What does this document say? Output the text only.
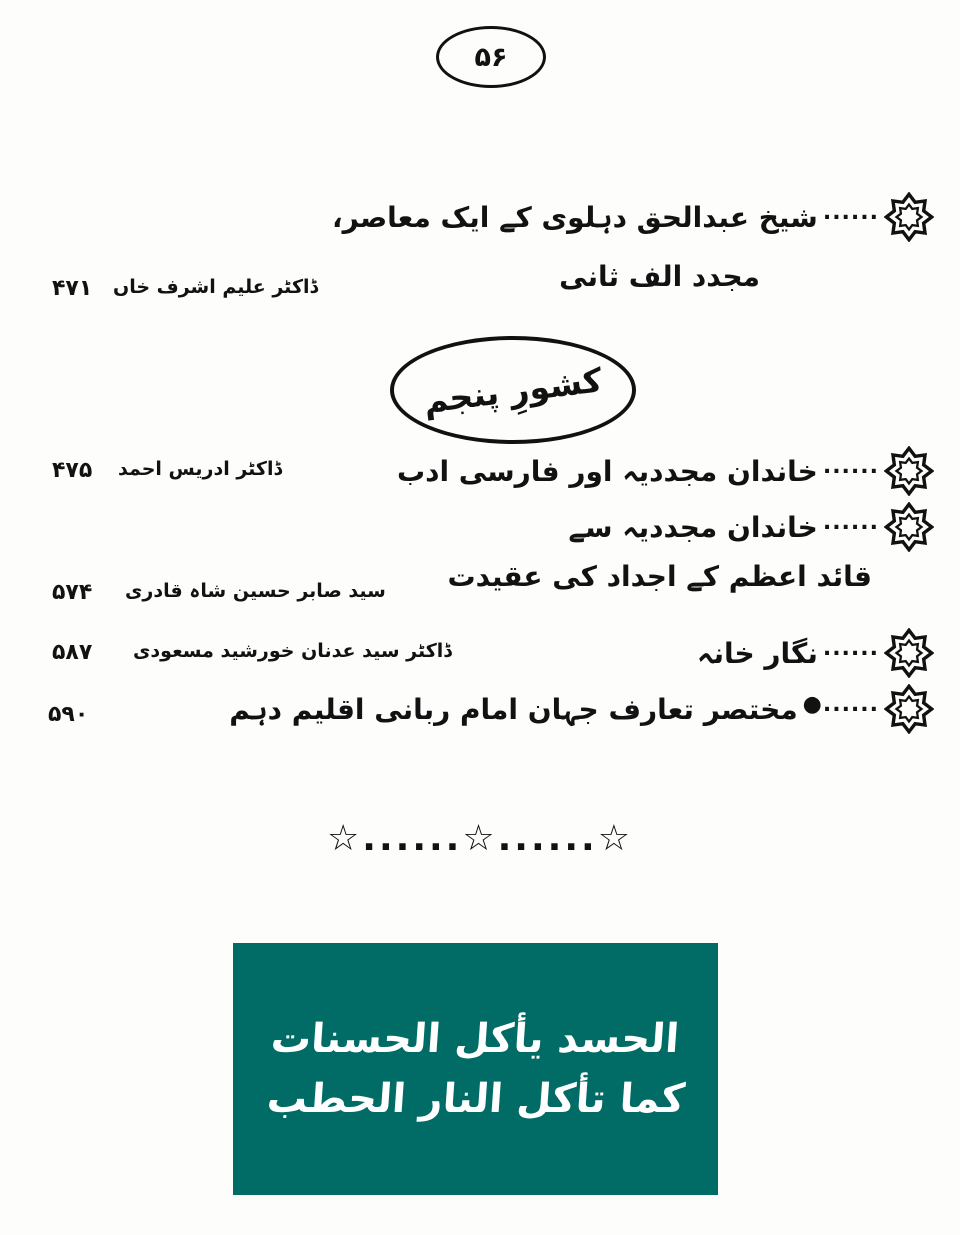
۵۶
......
شیخ عبدالحق دہلوی کے ایک معاصر،
مجدد الف ثانی
ڈاکٹر علیم اشرف خاں
۴۷۱
کشورِ پنجم
......
خاندان مجددیہ اور فارسی ادب
ڈاکٹر ادریس احمد
۴۷۵
......
خاندان مجددیہ سے
قائد اعظم کے اجداد کی عقیدت
سید صابر حسین شاہ قادری
۵۷۴
......
نگار خانہ
ڈاکٹر سید عدنان خورشید مسعودی
۵۸۷
......●
مختصر تعارف جہان امام ربانی اقلیم دہم
۵۹۰
☆......☆......☆
الحسد يأكل الحسنات
كما تأكل النار الحطب
